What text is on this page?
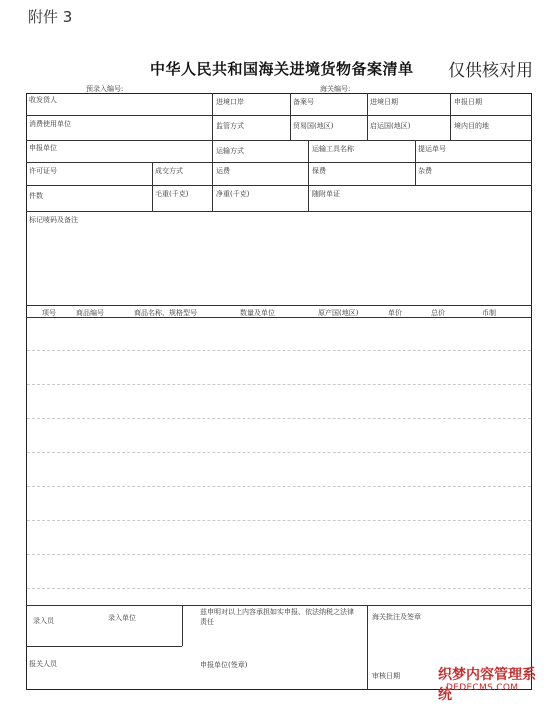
附件 3
中华人民共和国海关进境货物备案清单 仅供核对用
预录入编号:	海关编号:
收发货人	进境口岸	备案号	进境日期	申报日期
消费使用单位	监管方式	贸易国(地区)	启运国(地区)	境内目的地
申报单位	运输方式	运输工具名称	提运单号
许可证号	成交方式	运费	保费	杂费
件数	毛重(千克)	净重(千克)	随附单证
标记唛码及备注
项号	商品编号	商品名称、规格型号	数量及单位	原产国(地区)	单价	总价	币制
录入员	录入单位
兹申明对以上内容承担如实申报、依法纳税之法律责任
海关批注及签章
报关人员	申报单位(签章)
审核日期	织梦内容管理系统
DEDECMS.COM
